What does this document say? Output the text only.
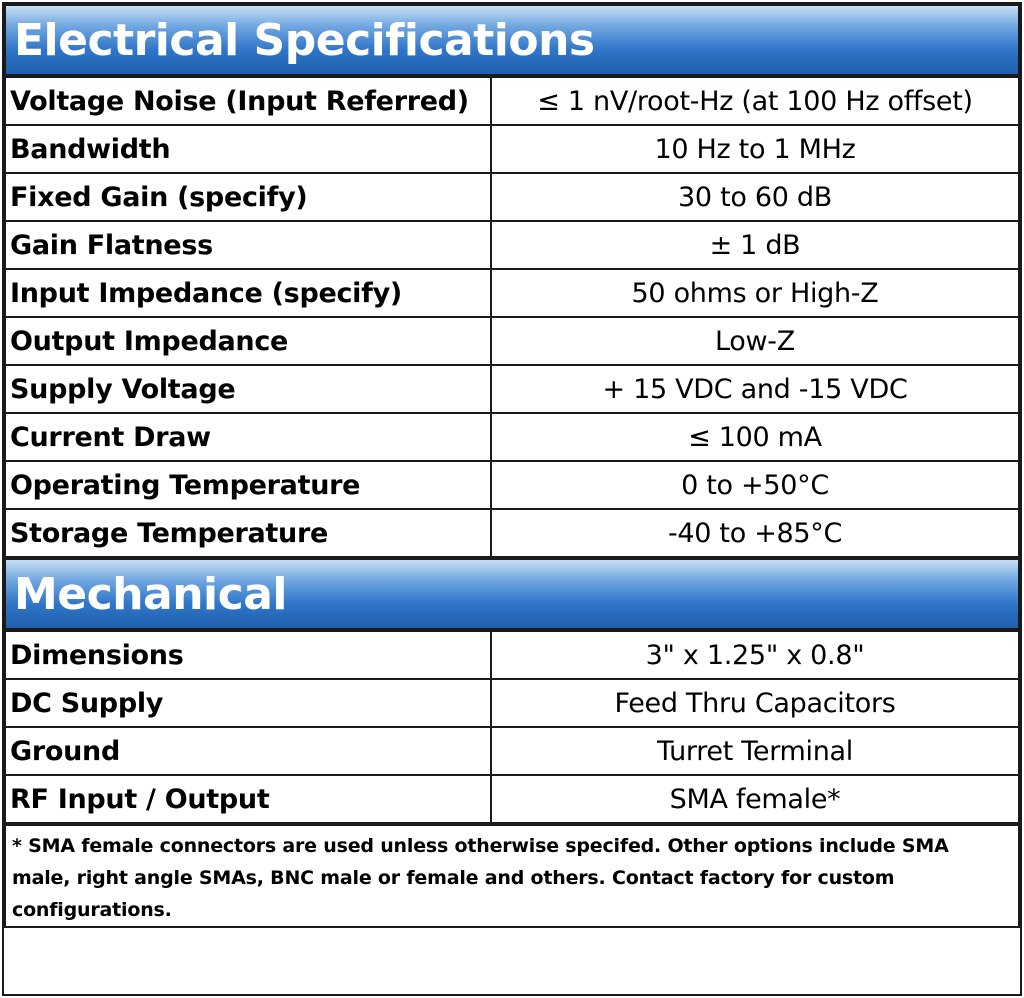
Electrical Specifications
Voltage Noise (Input Referred)	≤ 1 nV/root-Hz (at 100 Hz offset)
Bandwidth	10 Hz to 1 MHz
Fixed Gain (specify)	30 to 60 dB
Gain Flatness	± 1 dB
Input Impedance (specify)	50 ohms or High-Z
Output Impedance	Low-Z
Supply Voltage	+ 15 VDC and -15 VDC
Current Draw	≤ 100 mA
Operating Temperature	0 to +50°C
Storage Temperature	-40 to +85°C
Mechanical
Dimensions	3" x 1.25" x 0.8"
DC Supply	Feed Thru Capacitors
Ground	Turret Terminal
RF Input / Output	SMA female*
* SMA female connectors are used unless otherwise specifed. Other options include SMA male, right angle SMAs, BNC male or female and others. Contact factory for custom configurations.
